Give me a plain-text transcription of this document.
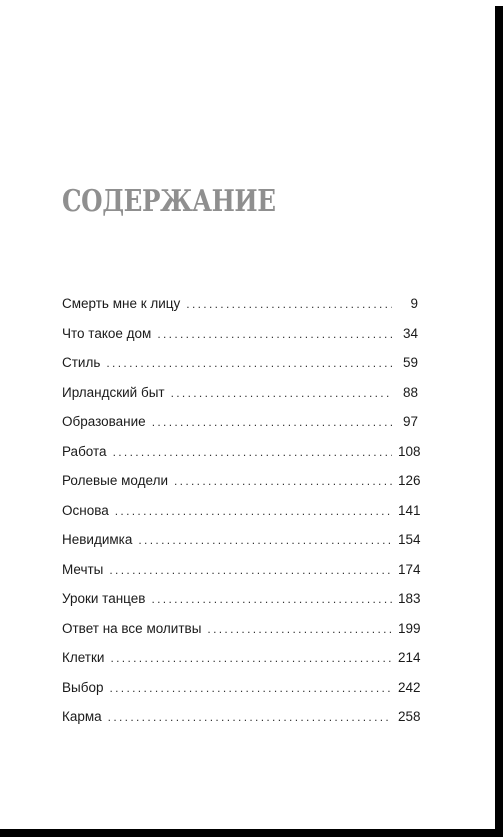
СОДЕРЖАНИЕ
Смерть мне к лицу . . .	9
Что такое дом . . .	34
Стиль . . .	59
Ирландский быт . . .	88
Образование . . .	97
Работа . . .	108
Ролевые модели . . .	126
Основа . . .	141
Невидимка . . .	154
Мечты . . .	174
Уроки танцев . . .	183
Ответ на все молитвы . . .	199
Клетки . . .	214
Выбор . . .	242
Карма . . .	258
